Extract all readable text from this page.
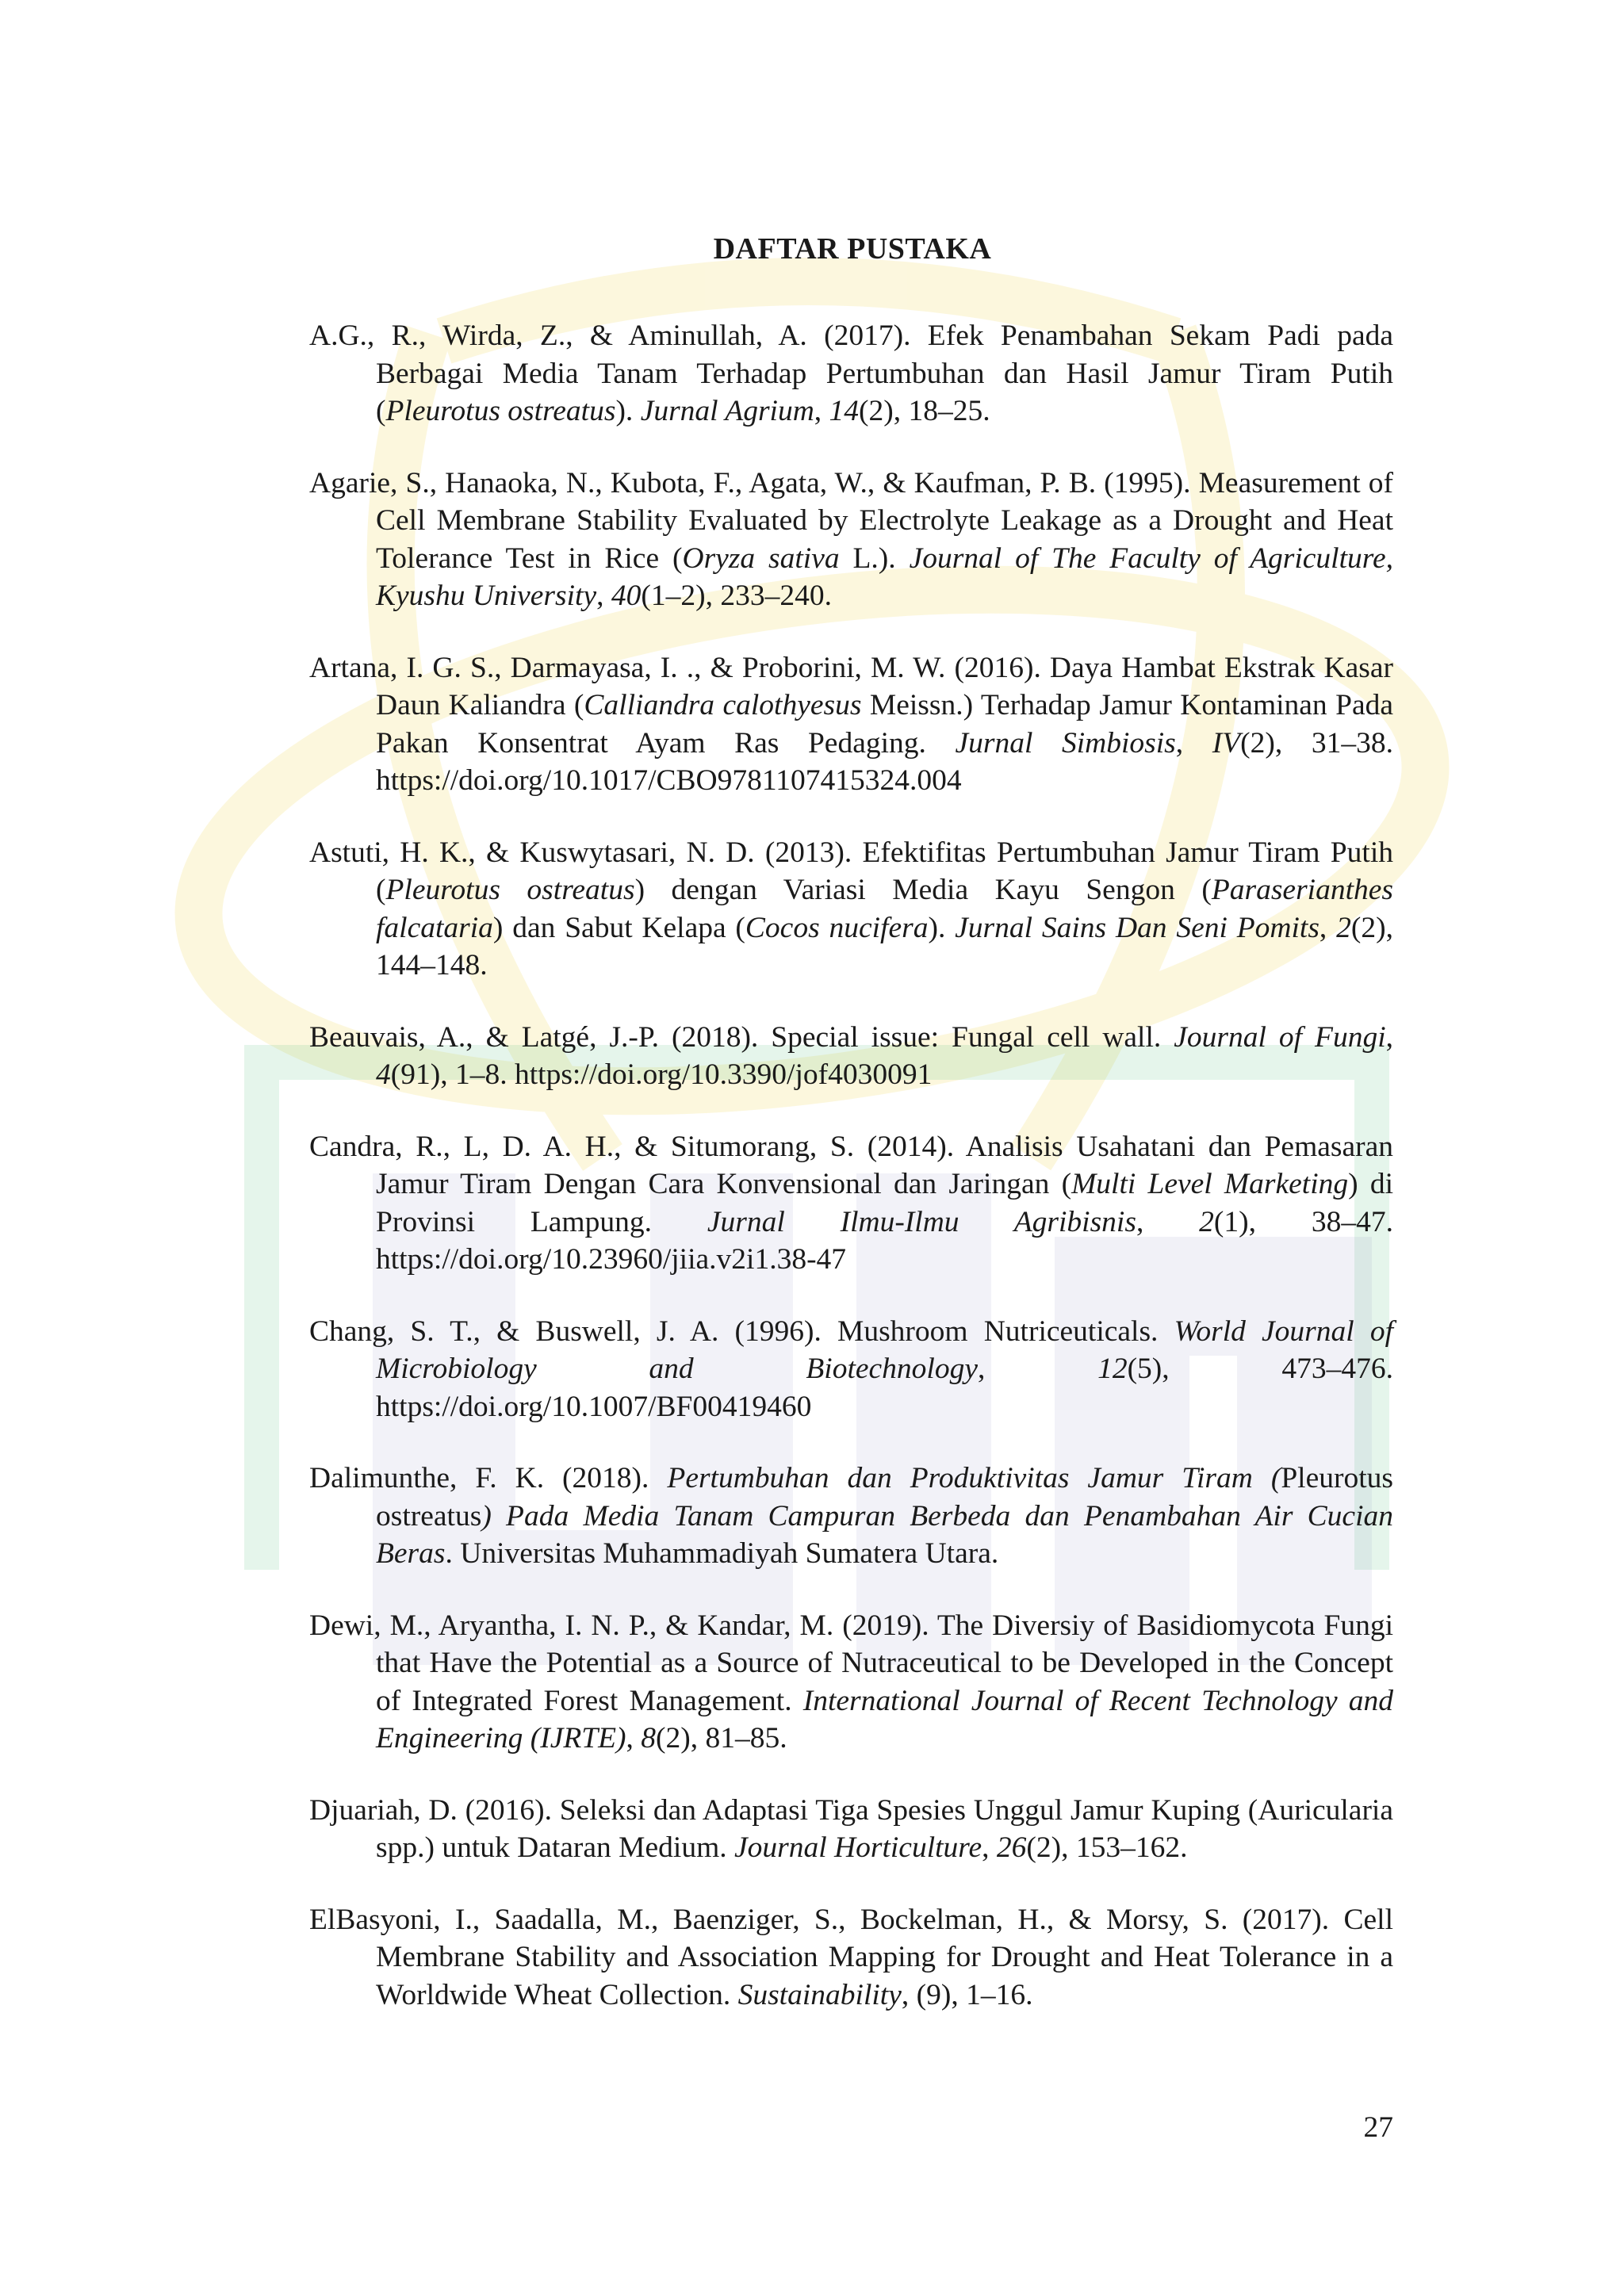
DAFTAR PUSTAKA

A.G., R., Wirda, Z., & Aminullah, A. (2017). Efek Penambahan Sekam Padi pada Berbagai Media Tanam Terhadap Pertumbuhan dan Hasil Jamur Tiram Putih (Pleurotus ostreatus). Jurnal Agrium, 14(2), 18–25.

Agarie, S., Hanaoka, N., Kubota, F., Agata, W., & Kaufman, P. B. (1995). Measurement of Cell Membrane Stability Evaluated by Electrolyte Leakage as a Drought and Heat Tolerance Test in Rice (Oryza sativa L.). Journal of The Faculty of Agriculture, Kyushu University, 40(1–2), 233–240.

Artana, I. G. S., Darmayasa, I. ., & Proborini, M. W. (2016). Daya Hambat Ekstrak Kasar Daun Kaliandra (Calliandra calothyesus Meissn.) Terhadap Jamur Kontaminan Pada Pakan Konsentrat Ayam Ras Pedaging. Jurnal Simbiosis, IV(2), 31–38. https://doi.org/10.1017/CBO9781107415324.004

Astuti, H. K., & Kuswytasari, N. D. (2013). Efektifitas Pertumbuhan Jamur Tiram Putih (Pleurotus ostreatus) dengan Variasi Media Kayu Sengon (Paraserianthes falcataria) dan Sabut Kelapa (Cocos nucifera). Jurnal Sains Dan Seni Pomits, 2(2), 144–148.

Beauvais, A., & Latgé, J.-P. (2018). Special issue: Fungal cell wall. Journal of Fungi, 4(91), 1–8. https://doi.org/10.3390/jof4030091

Candra, R., L, D. A. H., & Situmorang, S. (2014). Analisis Usahatani dan Pemasaran Jamur Tiram Dengan Cara Konvensional dan Jaringan (Multi Level Marketing) di Provinsi Lampung. Jurnal Ilmu-Ilmu Agribisnis, 2(1), 38–47. https://doi.org/10.23960/jiia.v2i1.38-47

Chang, S. T., & Buswell, J. A. (1996). Mushroom Nutriceuticals. World Journal of Microbiology and Biotechnology, 12(5), 473–476. https://doi.org/10.1007/BF00419460

Dalimunthe, F. K. (2018). Pertumbuhan dan Produktivitas Jamur Tiram (Pleurotus ostreatus) Pada Media Tanam Campuran Berbeda dan Penambahan Air Cucian Beras. Universitas Muhammadiyah Sumatera Utara.

Dewi, M., Aryantha, I. N. P., & Kandar, M. (2019). The Diversiy of Basidiomycota Fungi that Have the Potential as a Source of Nutraceutical to be Developed in the Concept of Integrated Forest Management. International Journal of Recent Technology and Engineering (IJRTE), 8(2), 81–85.

Djuariah, D. (2016). Seleksi dan Adaptasi Tiga Spesies Unggul Jamur Kuping (Auricularia spp.) untuk Dataran Medium. Journal Horticulture, 26(2), 153–162.

ElBasyoni, I., Saadalla, M., Baenziger, S., Bockelman, H., & Morsy, S. (2017). Cell Membrane Stability and Association Mapping for Drought and Heat Tolerance in a Worldwide Wheat Collection. Sustainability, (9), 1–16.

27
